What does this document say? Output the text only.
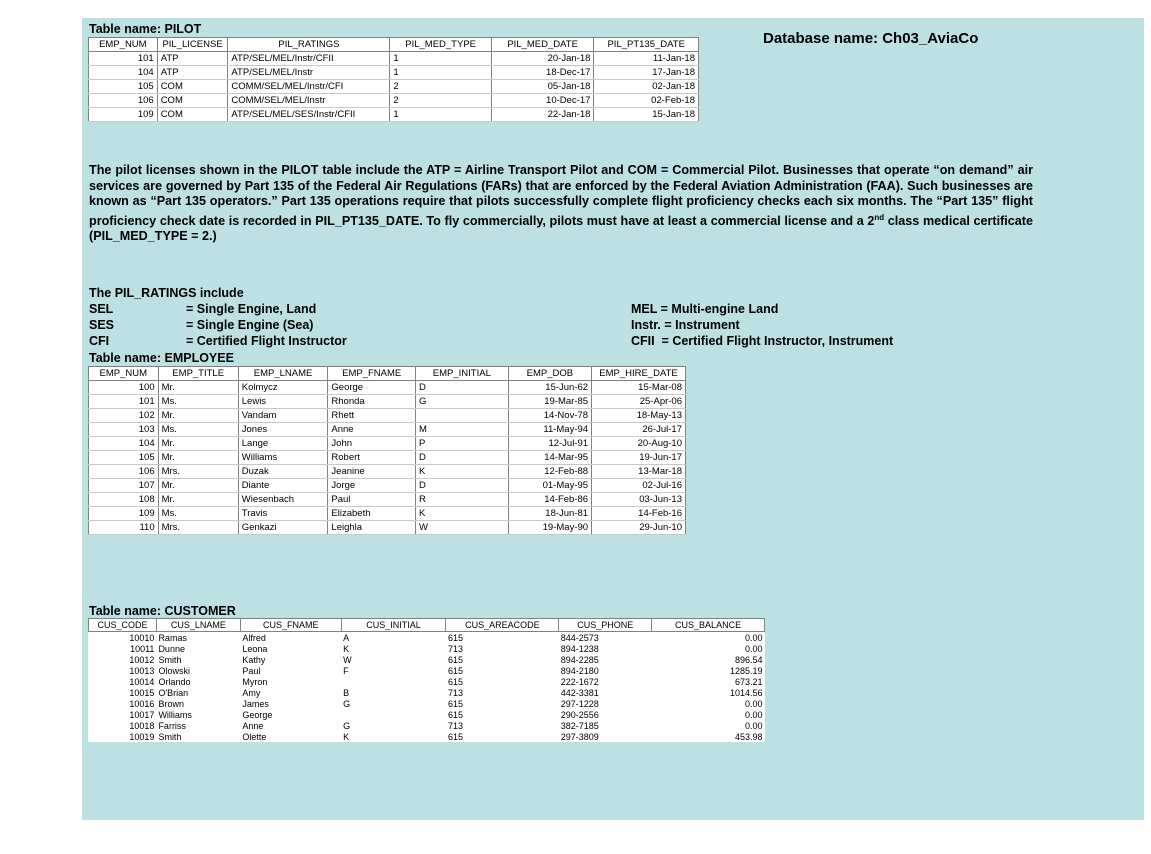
Table name: PILOT
EMP_NUM	PIL_LICENSE	PIL_RATINGS	PIL_MED_TYPE	PIL_MED_DATE	PIL_PT135_DATE
101	ATP	ATP/SEL/MEL/Instr/CFII	1	20-Jan-18	11-Jan-18
104	ATP	ATP/SEL/MEL/Instr	1	18-Dec-17	17-Jan-18
105	COM	COMM/SEL/MEL/Instr/CFI	2	05-Jan-18	02-Jan-18
106	COM	COMM/SEL/MEL/Instr	2	10-Dec-17	02-Feb-18
109	COM	ATP/SEL/MEL/SES/Instr/CFII	1	22-Jan-18	15-Jan-18
Database name: Ch03_AviaCo

The pilot licenses shown in the PILOT table include the ATP = Airline Transport Pilot and COM = Commercial Pilot. Businesses that operate “on demand” air services are governed by Part 135 of the Federal Air Regulations (FARs) that are enforced by the Federal Aviation Administration (FAA). Such businesses are known as “Part 135 operators.” Part 135 operations require that pilots successfully complete flight proficiency checks each six months. The “Part 135” flight proficiency check date is recorded in PIL_PT135_DATE. To fly commercially, pilots must have at least a commercial license and a 2nd class medical certificate (PIL_MED_TYPE = 2.)

The PIL_RATINGS include
SEL	= Single Engine, Land
SES	= Single Engine (Sea)
CFI	= Certified Flight Instructor
MEL = Multi-engine Land
Instr. = Instrument
CFII  = Certified Flight Instructor, Instrument
Table name: EMPLOYEE
EMP_NUM	EMP_TITLE	EMP_LNAME	EMP_FNAME	EMP_INITIAL	EMP_DOB	EMP_HIRE_DATE
100	Mr.	Kolmycz	George	D	15-Jun-62	15-Mar-08
101	Ms.	Lewis	Rhonda	G	19-Mar-85	25-Apr-06
102	Mr.	Vandam	Rhett		14-Nov-78	18-May-13
103	Ms.	Jones	Anne	M	11-May-94	26-Jul-17
104	Mr.	Lange	John	P	12-Jul-91	20-Aug-10
105	Mr.	Williams	Robert	D	14-Mar-95	19-Jun-17
106	Mrs.	Duzak	Jeanine	K	12-Feb-88	13-Mar-18
107	Mr.	Diante	Jorge	D	01-May-95	02-Jul-16
108	Mr.	Wiesenbach	Paul	R	14-Feb-86	03-Jun-13
109	Ms.	Travis	Elizabeth	K	18-Jun-81	14-Feb-16
110	Mrs.	Genkazi	Leighla	W	19-May-90	29-Jun-10
Table name: CUSTOMER
CUS_CODE	CUS_LNAME	CUS_FNAME	CUS_INITIAL	CUS_AREACODE	CUS_PHONE	CUS_BALANCE
10010	Ramas	Alfred	A	615	844-2573	0.00
10011	Dunne	Leona	K	713	894-1238	0.00
10012	Smith	Kathy	W	615	894-2285	896.54
10013	Olowski	Paul	F	615	894-2180	1285.19
10014	Orlando	Myron		615	222-1672	673.21
10015	O'Brian	Amy	B	713	442-3381	1014.56
10016	Brown	James	G	615	297-1228	0.00
10017	Williams	George		615	290-2556	0.00
10018	Farriss	Anne	G	713	382-7185	0.00
10019	Smith	Olette	K	615	297-3809	453.98
